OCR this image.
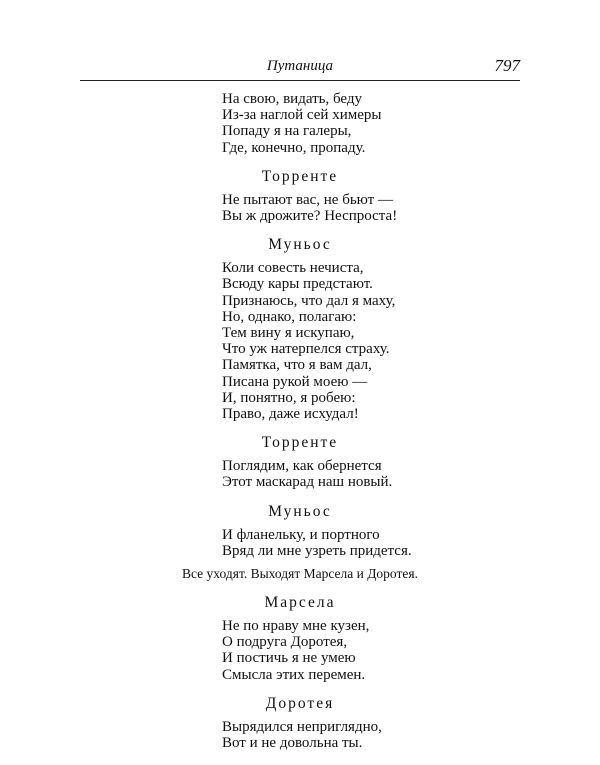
Путаница	797
На свою, видать, беду
Из-за наглой сей химеры
Попаду я на галеры,
Где, конечно, пропаду.
Торренте
Не пытают вас, не бьют —
Вы ж дрожите? Неспроста!
Муньос
Коли совесть нечиста,
Всюду кары предстают.
Признаюсь, что дал я маху,
Но, однако, полагаю:
Тем вину я искупаю,
Что уж натерпелся страху.
Памятка, что я вам дал,
Писана рукой моею —
И, понятно, я робею:
Право, даже исхудал!
Торренте
Поглядим, как обернется
Этот маскарад наш новый.
Муньос
И фланельку, и портного
Вряд ли мне узреть придется.
Все уходят. Выходят Марсела и Доротея.
Марсела
Не по нраву мне кузен,
О подруга Доротея,
И постичь я не умею
Смысла этих перемен.
Доротея
Вырядился неприглядно,
Вот и не довольна ты.
